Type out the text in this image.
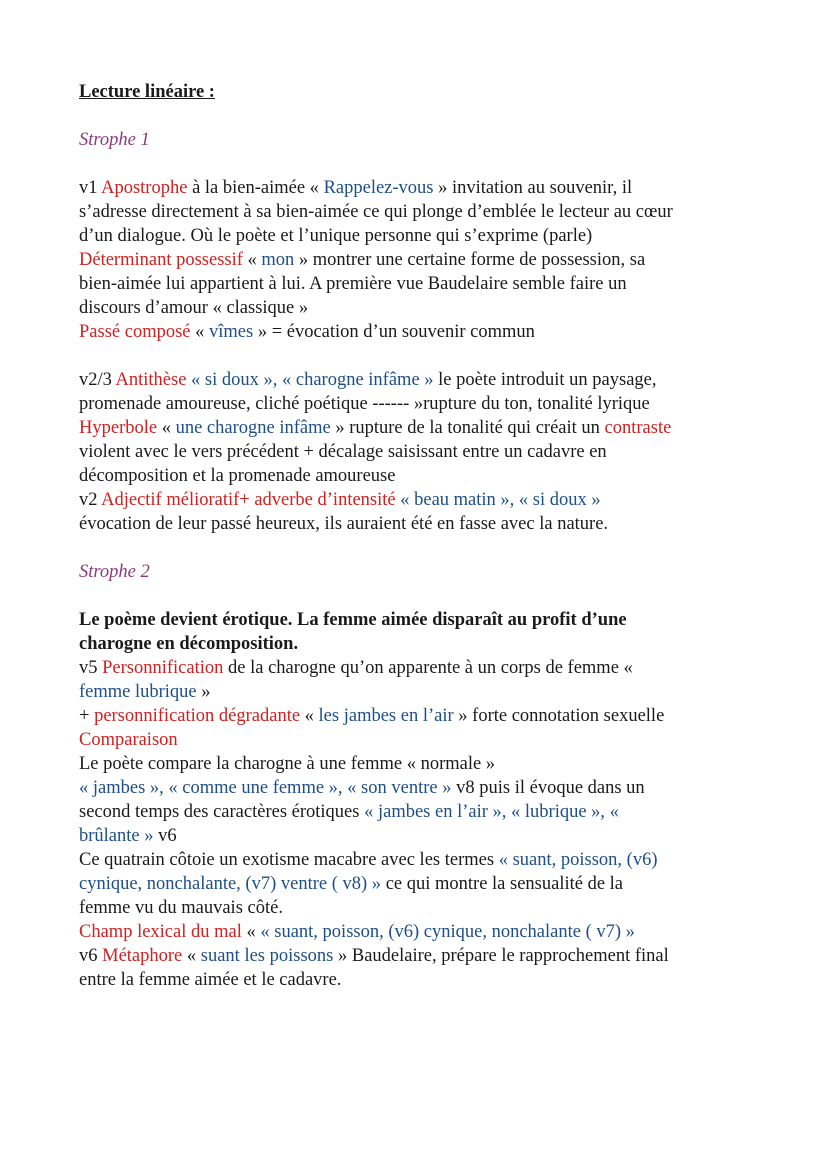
Lecture linéaire :

Strophe 1

v1 Apostrophe à la bien-aimée « Rappelez-vous » invitation au souvenir, il
s’adresse directement à sa bien-aimée ce qui plonge d’emblée le lecteur au cœur
d’un dialogue. Où le poète et l’unique personne qui s’exprime (parle)
Déterminant possessif « mon » montrer une certaine forme de possession, sa
bien-aimée lui appartient à lui. A première vue Baudelaire semble faire un
discours d’amour « classique »
Passé composé « vîmes » = évocation d’un souvenir commun
v2/3 Antithèse « si doux », « charogne infâme » le poète introduit un paysage,
promenade amoureuse, cliché poétique ------ »rupture du ton, tonalité lyrique
Hyperbole « une charogne infâme » rupture de la tonalité qui créait un contraste
violent avec le vers précédent + décalage saisissant entre un cadavre en
décomposition et la promenade amoureuse
v2 Adjectif mélioratif+ adverbe d’intensité « beau matin », « si doux »
évocation de leur passé heureux, ils auraient été en fasse avec la nature.

Strophe 2

Le poème devient érotique. La femme aimée disparaît au profit d’une
charogne en décomposition.
v5 Personnification de la charogne qu’on apparente à un corps de femme «
femme lubrique »
+ personnification dégradante « les jambes en l’air » forte connotation sexuelle
Comparaison
Le poète compare la charogne à une femme « normale »
« jambes », « comme une femme », « son ventre » v8 puis il évoque dans un
second temps des caractères érotiques « jambes en l’air », « lubrique », «
brûlante » v6
Ce quatrain côtoie un exotisme macabre avec les termes « suant, poisson, (v6)
cynique, nonchalante, (v7) ventre ( v8) » ce qui montre la sensualité de la
femme vu du mauvais côté.
Champ lexical du mal « « suant, poisson, (v6) cynique, nonchalante ( v7) »
v6 Métaphore « suant les poissons » Baudelaire, prépare le rapprochement final
entre la femme aimée et le cadavre.
